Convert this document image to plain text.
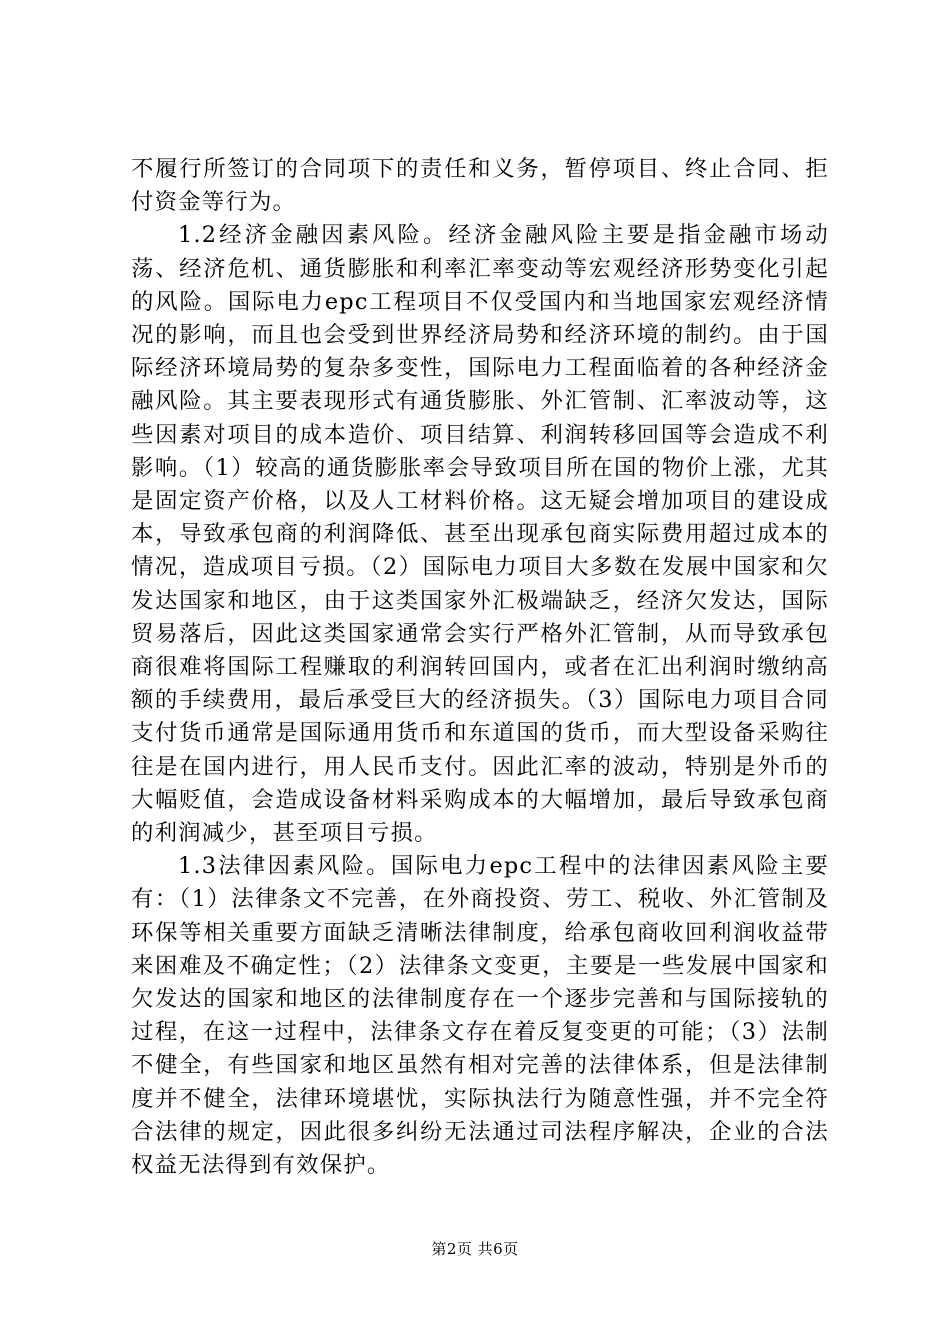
不履行所签订的合同项下的责任和义务，暂停项目、终止合同、拒付资金等行为。

1.2经济金融因素风险。经济金融风险主要是指金融市场动荡、经济危机、通货膨胀和利率汇率变动等宏观经济形势变化引起的风险。国际电力epc工程项目不仅受国内和当地国家宏观经济情况的影响，而且也会受到世界经济局势和经济环境的制约。由于国际经济环境局势的复杂多变性，国际电力工程面临着的各种经济金融风险。其主要表现形式有通货膨胀、外汇管制、汇率波动等，这些因素对项目的成本造价、项目结算、利润转移回国等会造成不利影响。（1）较高的通货膨胀率会导致项目所在国的物价上涨，尤其是固定资产价格，以及人工材料价格。这无疑会增加项目的建设成本，导致承包商的利润降低、甚至出现承包商实际费用超过成本的情况，造成项目亏损。（2）国际电力项目大多数在发展中国家和欠发达国家和地区，由于这类国家外汇极端缺乏，经济欠发达，国际贸易落后，因此这类国家通常会实行严格外汇管制，从而导致承包商很难将国际工程赚取的利润转回国内，或者在汇出利润时缴纳高额的手续费用，最后承受巨大的经济损失。（3）国际电力项目合同支付货币通常是国际通用货币和东道国的货币，而大型设备采购往往是在国内进行，用人民币支付。因此汇率的波动，特别是外币的大幅贬值，会造成设备材料采购成本的大幅增加，最后导致承包商的利润减少，甚至项目亏损。

1.3法律因素风险。国际电力epc工程中的法律因素风险主要有：（1）法律条文不完善，在外商投资、劳工、税收、外汇管制及环保等相关重要方面缺乏清晰法律制度，给承包商收回利润收益带来困难及不确定性；（2）法律条文变更，主要是一些发展中国家和欠发达的国家和地区的法律制度存在一个逐步完善和与国际接轨的过程，在这一过程中，法律条文存在着反复变更的可能；（3）法制不健全，有些国家和地区虽然有相对完善的法律体系，但是法律制度并不健全，法律环境堪忧，实际执法行为随意性强，并不完全符合法律的规定，因此很多纠纷无法通过司法程序解决，企业的合法权益无法得到有效保护。

第2页 共6页
